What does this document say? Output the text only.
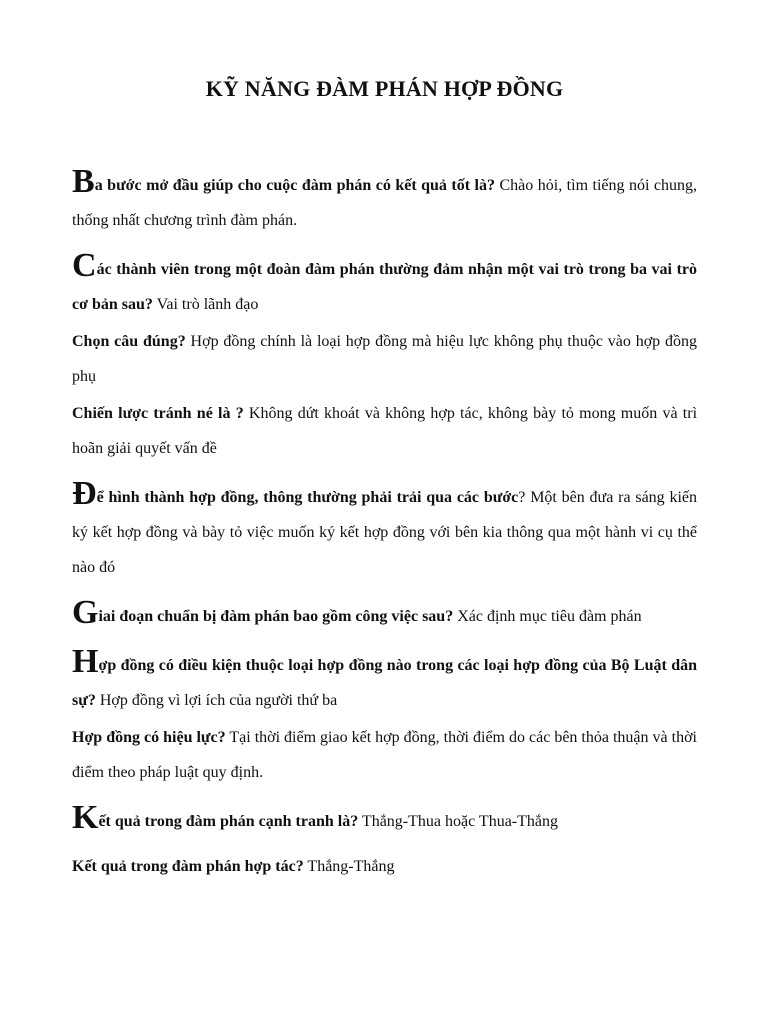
KỸ NĂNG ĐÀM PHÁN HỢP ĐỒNG

Ba bước mở đầu giúp cho cuộc đàm phán có kết quả tốt là? Chào hỏi, tìm tiếng nói chung, thống nhất chương trình đàm phán.

Các thành viên trong một đoàn đàm phán thường đảm nhận một vai trò trong ba vai trò cơ bản sau? Vai trò lãnh đạo

Chọn câu đúng? Hợp đồng chính là loại hợp đồng mà hiệu lực không phụ thuộc vào hợp đồng phụ

Chiến lược tránh né là ? Không dứt khoát và không hợp tác, không bày tỏ mong muốn và trì hoãn giải quyết vấn đề

Để hình thành hợp đồng, thông thường phải trải qua các bước? Một bên đưa ra sáng kiến ký kết hợp đồng và bày tỏ việc muốn ký kết hợp đồng với bên kia thông qua một hành vi cụ thể nào đó

Giai đoạn chuẩn bị đàm phán bao gồm công việc sau? Xác định mục tiêu đàm phán

Hợp đồng có điều kiện thuộc loại hợp đồng nào trong các loại hợp đồng của Bộ Luật dân sự? Hợp đồng vì lợi ích của người thứ ba

Hợp đồng có hiệu lực? Tại thời điểm giao kết hợp đồng, thời điểm do các bên thỏa thuận và thời điểm theo pháp luật quy định.

Kết quả trong đàm phán cạnh tranh là? Thắng-Thua hoặc Thua-Thắng

Kết quả trong đàm phán hợp tác? Thắng-Thắng
